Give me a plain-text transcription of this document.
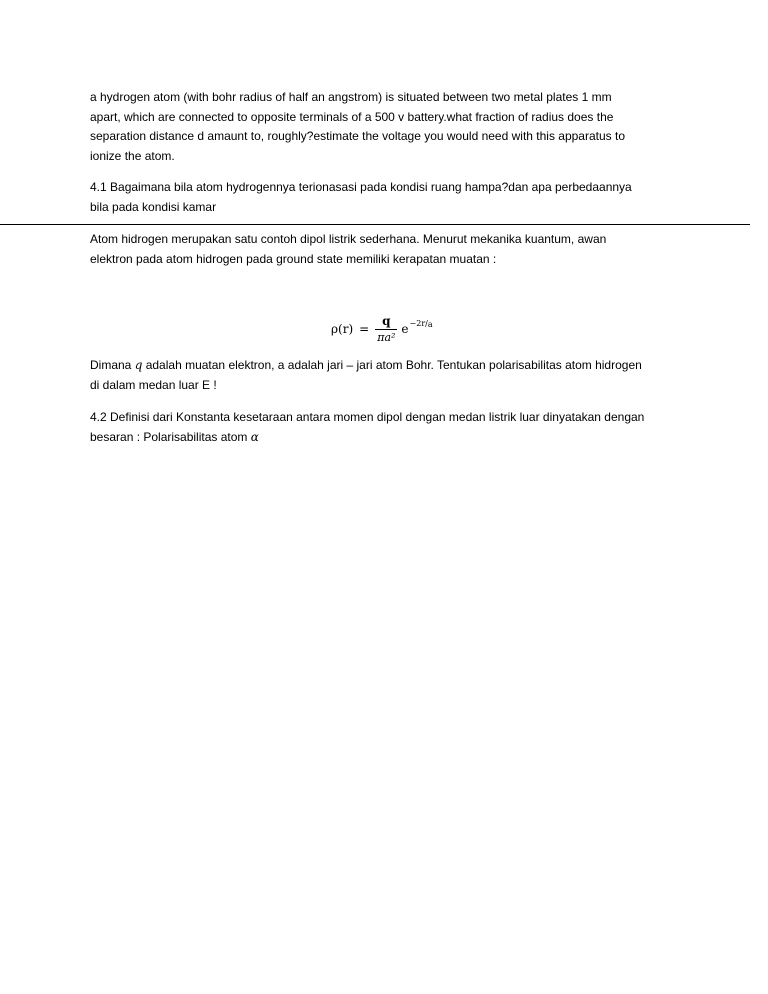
a hydrogen atom (with bohr radius of half an angstrom) is situated between two metal plates 1 mm
apart, which are connected to opposite terminals of a 500 v battery.what fraction of radius does the
separation distance d amaunt to, roughly?estimate the voltage you would need with this apparatus to
ionize the atom.

4.1 Bagaimana bila atom hydrogennya terionasasi pada kondisi ruang hampa?dan apa perbedaannya
bila pada kondisi kamar

Atom hidrogen merupakan satu contoh dipol listrik sederhana. Menurut mekanika kuantum, awan
elektron pada atom hidrogen pada ground state memiliki kerapatan muatan :

$\rho(r) = \frac{q}{\text{πa²}}$ e −2r/a

Dimana q adalah muatan elektron, a adalah jari – jari atom Bohr. Tentukan polarisabilitas atom hidrogen
di dalam medan luar E !

4.2 Definisi dari Konstanta kesetaraan antara momen dipol dengan medan listrik luar dinyatakan dengan
besaran : Polarisabilitas atom α
